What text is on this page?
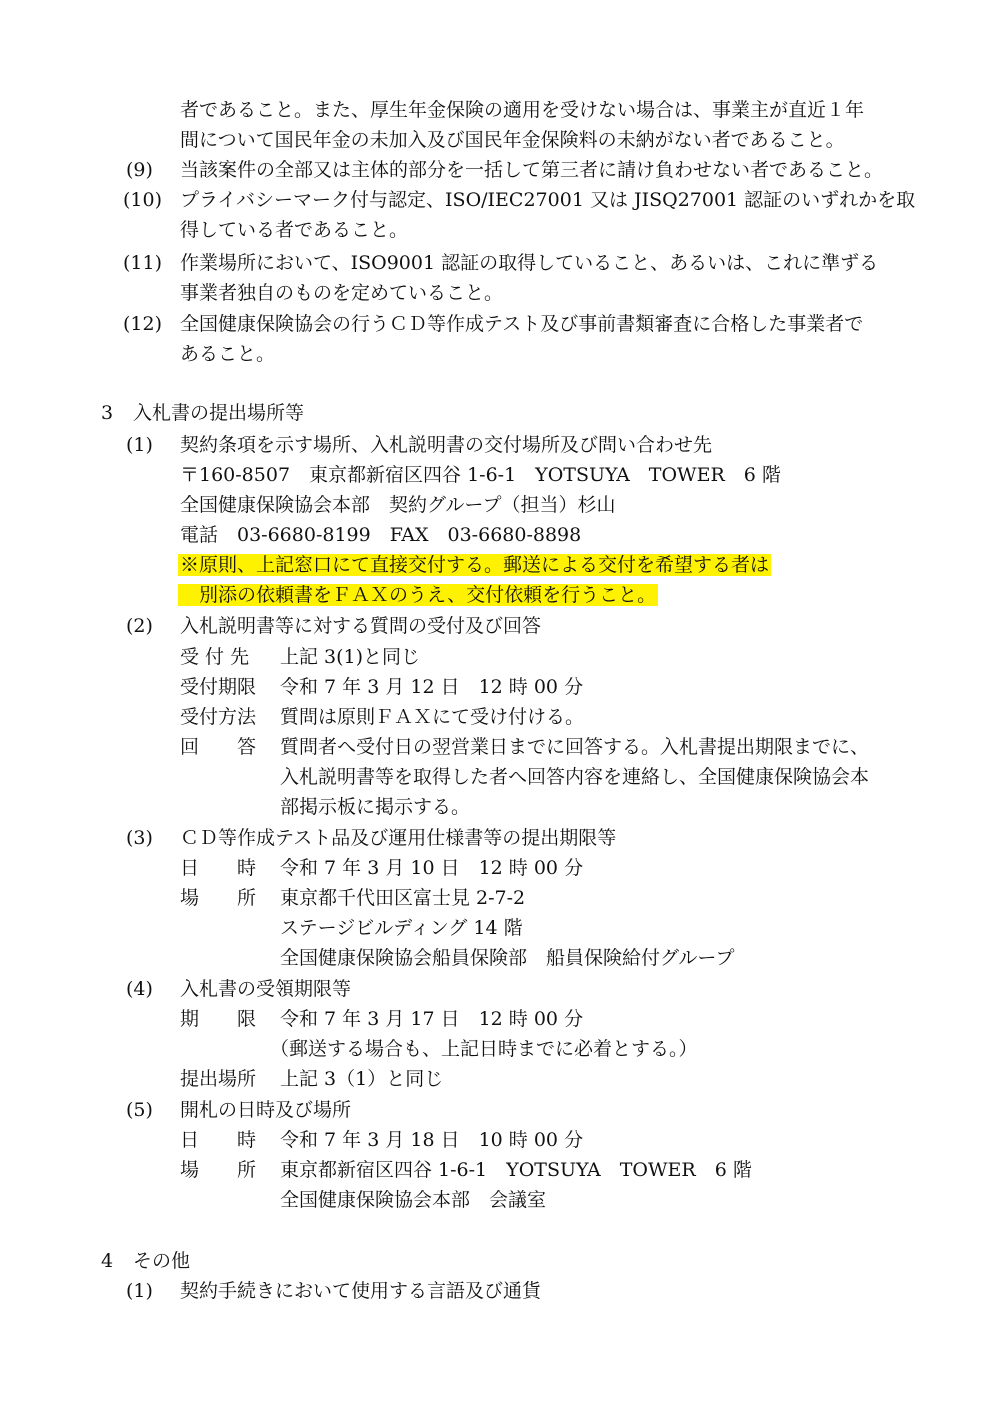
者であること。また、厚生年金保険の適用を受けない場合は、事業主が直近１年
間について国民年金の未加入及び国民年金保険料の未納がない者であること。
(9) 当該案件の全部又は主体的部分を一括して第三者に請け負わせない者であること。
(10) プライバシーマーク付与認定、ISO/IEC27001 又は JISQ27001 認証のいずれかを取
得している者であること。
(11) 作業場所において、ISO9001 認証の取得していること、あるいは、これに準ずる
事業者独自のものを定めていること。
(12) 全国健康保険協会の行うＣＤ等作成テスト及び事前書類審査に合格した事業者で
あること。
3 入札書の提出場所等
(1) 契約条項を示す場所、入札説明書の交付場所及び問い合わせ先
〒160-8507　東京都新宿区四谷 1-6-1　YOTSUYA　TOWER　6 階
全国健康保険協会本部　契約グループ（担当）杉山
電話　03-6680-8199　FAX　03-6680-8898
※原則、上記窓口にて直接交付する。郵送による交付を希望する者は
　別添の依頼書をＦＡＸのうえ、交付依頼を行うこと。
(2) 入札説明書等に対する質問の受付及び回答
受 付 先 上記 3(1)と同じ
受付期限 令和 7 年 3 月 12 日　12 時 00 分
受付方法 質問は原則ＦＡＸにて受け付ける。
回　　答 質問者へ受付日の翌営業日までに回答する。入札書提出期限までに、
入札説明書等を取得した者へ回答内容を連絡し、全国健康保険協会本
部掲示板に掲示する。
(3) ＣＤ等作成テスト品及び運用仕様書等の提出期限等
日　　時 令和 7 年 3 月 10 日　12 時 00 分
場　　所 東京都千代田区富士見 2-7-2
ステージビルディング 14 階
全国健康保険協会船員保険部　船員保険給付グループ
(4) 入札書の受領期限等
期　　限 令和 7 年 3 月 17 日　12 時 00 分
（郵送する場合も、上記日時までに必着とする。）
提出場所 上記 3（1）と同じ
(5) 開札の日時及び場所
日　　時 令和 7 年 3 月 18 日　10 時 00 分
場　　所 東京都新宿区四谷 1-6-1　YOTSUYA　TOWER　6 階
全国健康保険協会本部　会議室
4 その他
(1) 契約手続きにおいて使用する言語及び通貨
